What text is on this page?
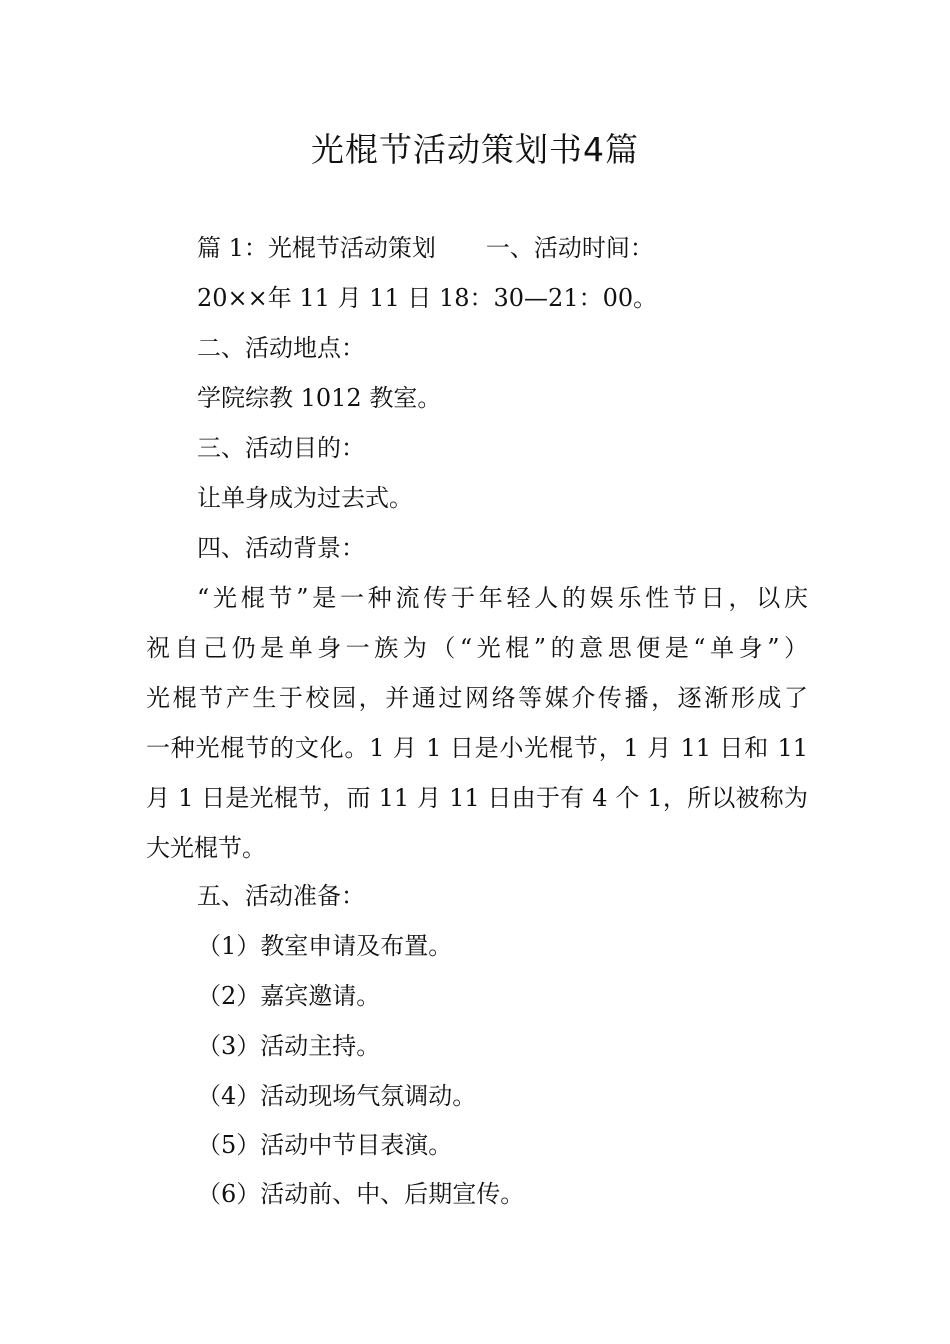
光棍节活动策划书4篇
篇 1：光棍节活动策划 一、活动时间：
20××年 11 月 11 日 18：30—21：00。
二、活动地点：
学院综教 1012 教室。
三、活动目的：
让单身成为过去式。
四、活动背景：
“光棍节”是一种流传于年轻人的娱乐性节日，以庆
祝自己仍是单身一族为（“光棍”的意思便是“单身”）
光棍节产生于校园，并通过网络等媒介传播，逐渐形成了
一种光棍节的文化。1 月 1 日是小光棍节，1 月 11 日和 11
月 1 日是光棍节，而 11 月 11 日由于有 4 个 1，所以被称为
大光棍节。
五、活动准备：
（1）教室申请及布置。
（2）嘉宾邀请。
（3）活动主持。
（4）活动现场气氛调动。
（5）活动中节目表演。
（6）活动前、中、后期宣传。
